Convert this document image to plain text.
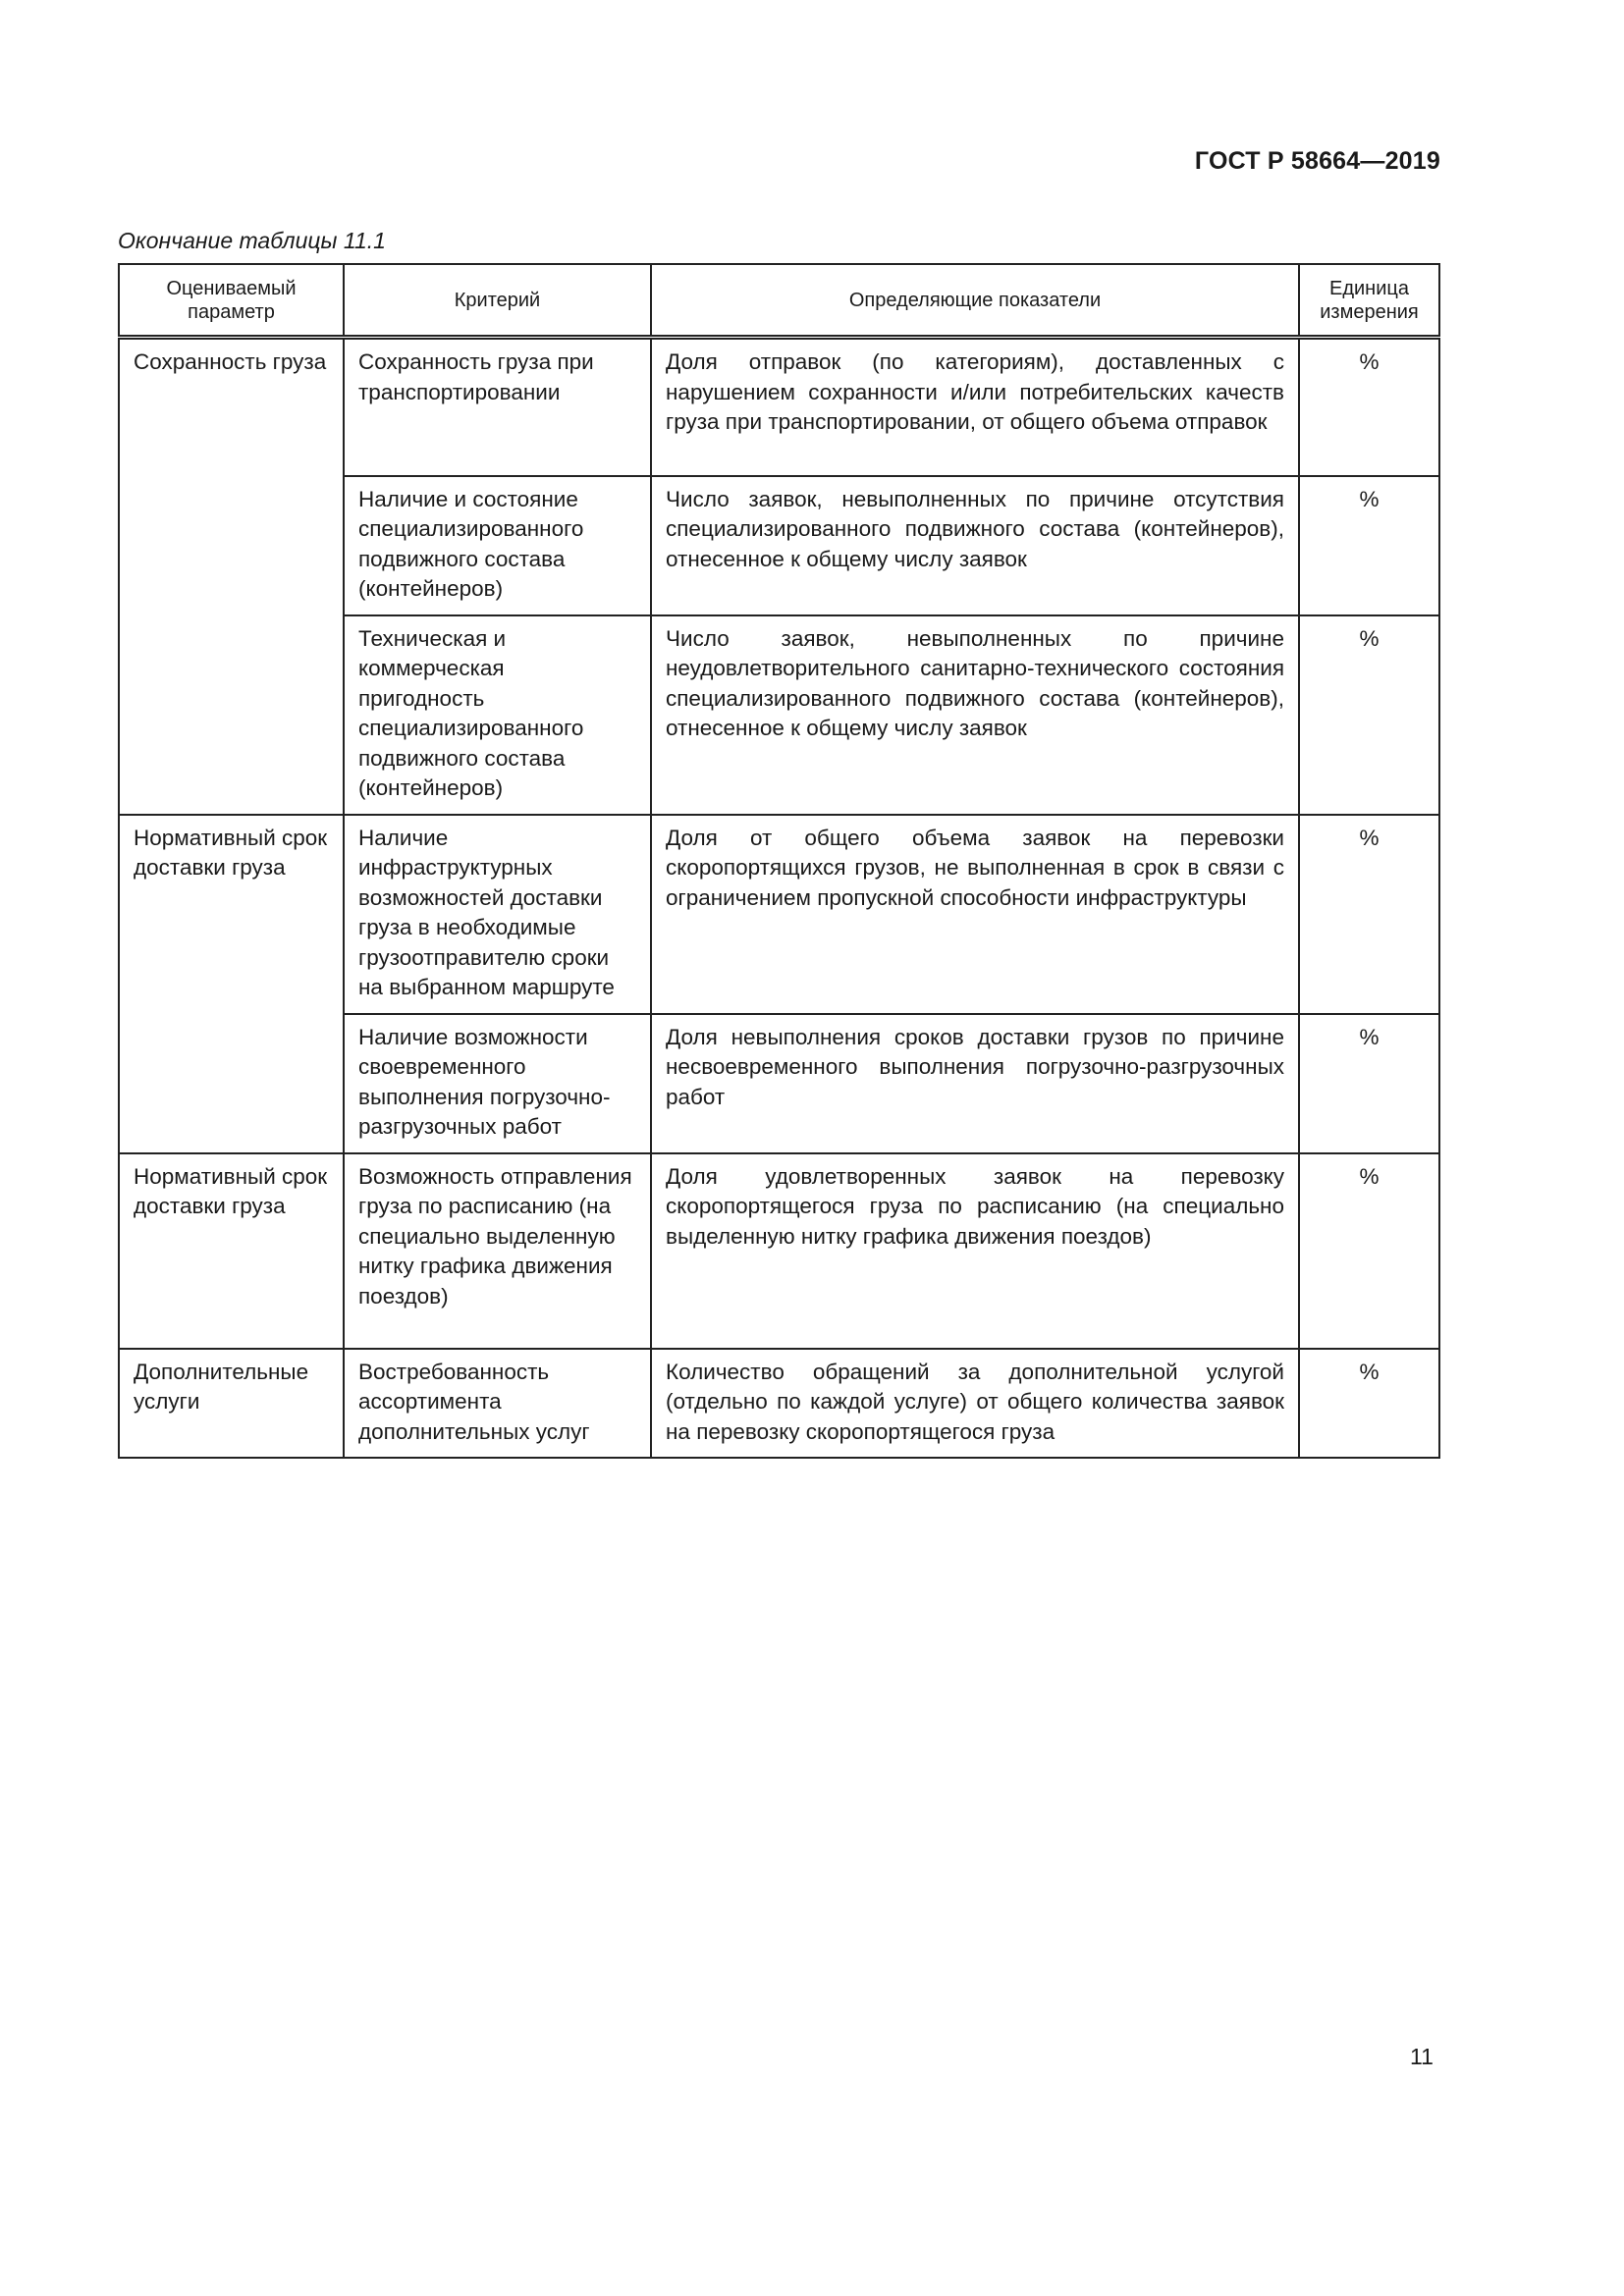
ГОСТ Р 58664—2019
Окончание таблицы 11.1
Оцениваемый параметр	Критерий	Определяющие показатели	Единица измерения
Сохранность груза	Сохранность груза при транспортировании	Доля отправок (по категориям), доставленных с нарушением сохранности и/или потребительских качеств груза при транспортировании, от общего объема отправок	%
	Наличие и состояние специализированного подвижного состава (контейнеров)	Число заявок, невыполненных по причине отсутствия специализированного подвижного состава (контейнеров), отнесенное к общему числу заявок	%
	Техническая и коммерческая пригодность специализированного подвижного состава (контейнеров)	Число заявок, невыполненных по причине неудовлетворительного санитарно-технического состояния специализированного подвижного состава (контейнеров), отнесенное к общему числу заявок	%
Нормативный срок доставки груза	Наличие инфраструктурных возможностей доставки груза в необходимые грузоотправителю сроки на выбранном маршруте	Доля от общего объема заявок на перевозки скоропортящихся грузов, не выполненная в срок в связи с ограничением пропускной способности инфраструктуры	%
	Наличие возможности своевременного выполнения погрузочно-разгрузочных работ	Доля невыполнения сроков доставки грузов по причине несвоевременного выполнения погрузочно-разгрузочных работ	%
Нормативный срок доставки груза	Возможность отправления груза по расписанию (на специально выделенную нитку графика движения поездов)	Доля удовлетворенных заявок на перевозку скоропортящегося груза по расписанию (на специально выделенную нитку графика движения поездов)	%
Дополнительные услуги	Востребованность ассортимента дополнительных услуг	Количество обращений за дополнительной услугой (отдельно по каждой услуге) от общего количества заявок на перевозку скоропортящегося груза	%
11
